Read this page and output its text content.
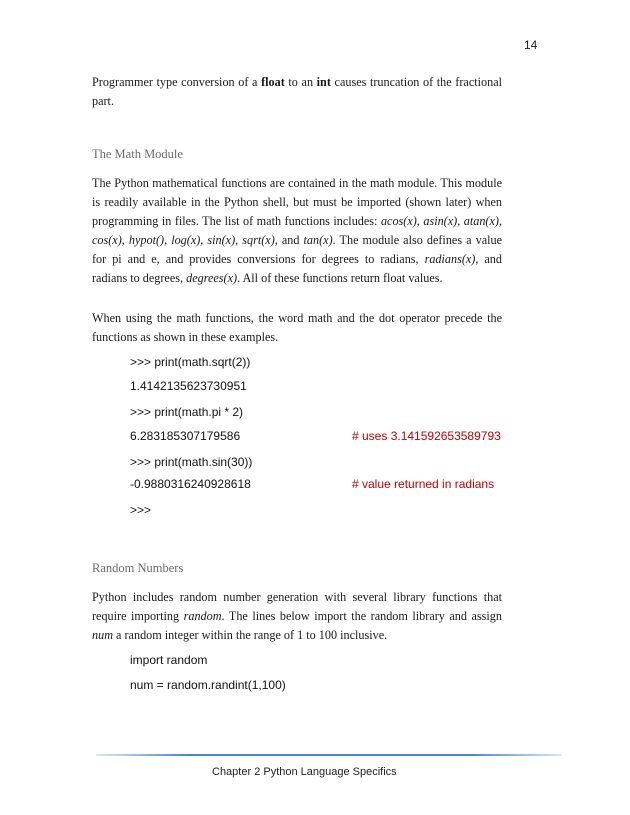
14

Programmer type conversion of a float to an int causes truncation of the fractional part.

The Math Module

The Python mathematical functions are contained in the math module. This module is readily available in the Python shell, but must be imported (shown later) when programming in files. The list of math functions includes: acos(x), asin(x), atan(x), cos(x), hypot(), log(x), sin(x), sqrt(x), and tan(x). The module also defines a value for pi and e, and provides conversions for degrees to radians, radians(x), and radians to degrees, degrees(x). All of these functions return float values.

When using the math functions, the word math and the dot operator precede the functions as shown in these examples.

>>> print(math.sqrt(2))
1.4142135623730951
>>> print(math.pi * 2)
6.283185307179586	# uses 3.141592653589793
>>> print(math.sin(30))
-0.9880316240928618	# value returned in radians
>>>
Random Numbers

Python includes random number generation with several library functions that require importing random. The lines below import the random library and assign num a random integer within the range of 1 to 100 inclusive.

import random
num = random.randint(1,100)
Chapter 2 Python Language Specifics
